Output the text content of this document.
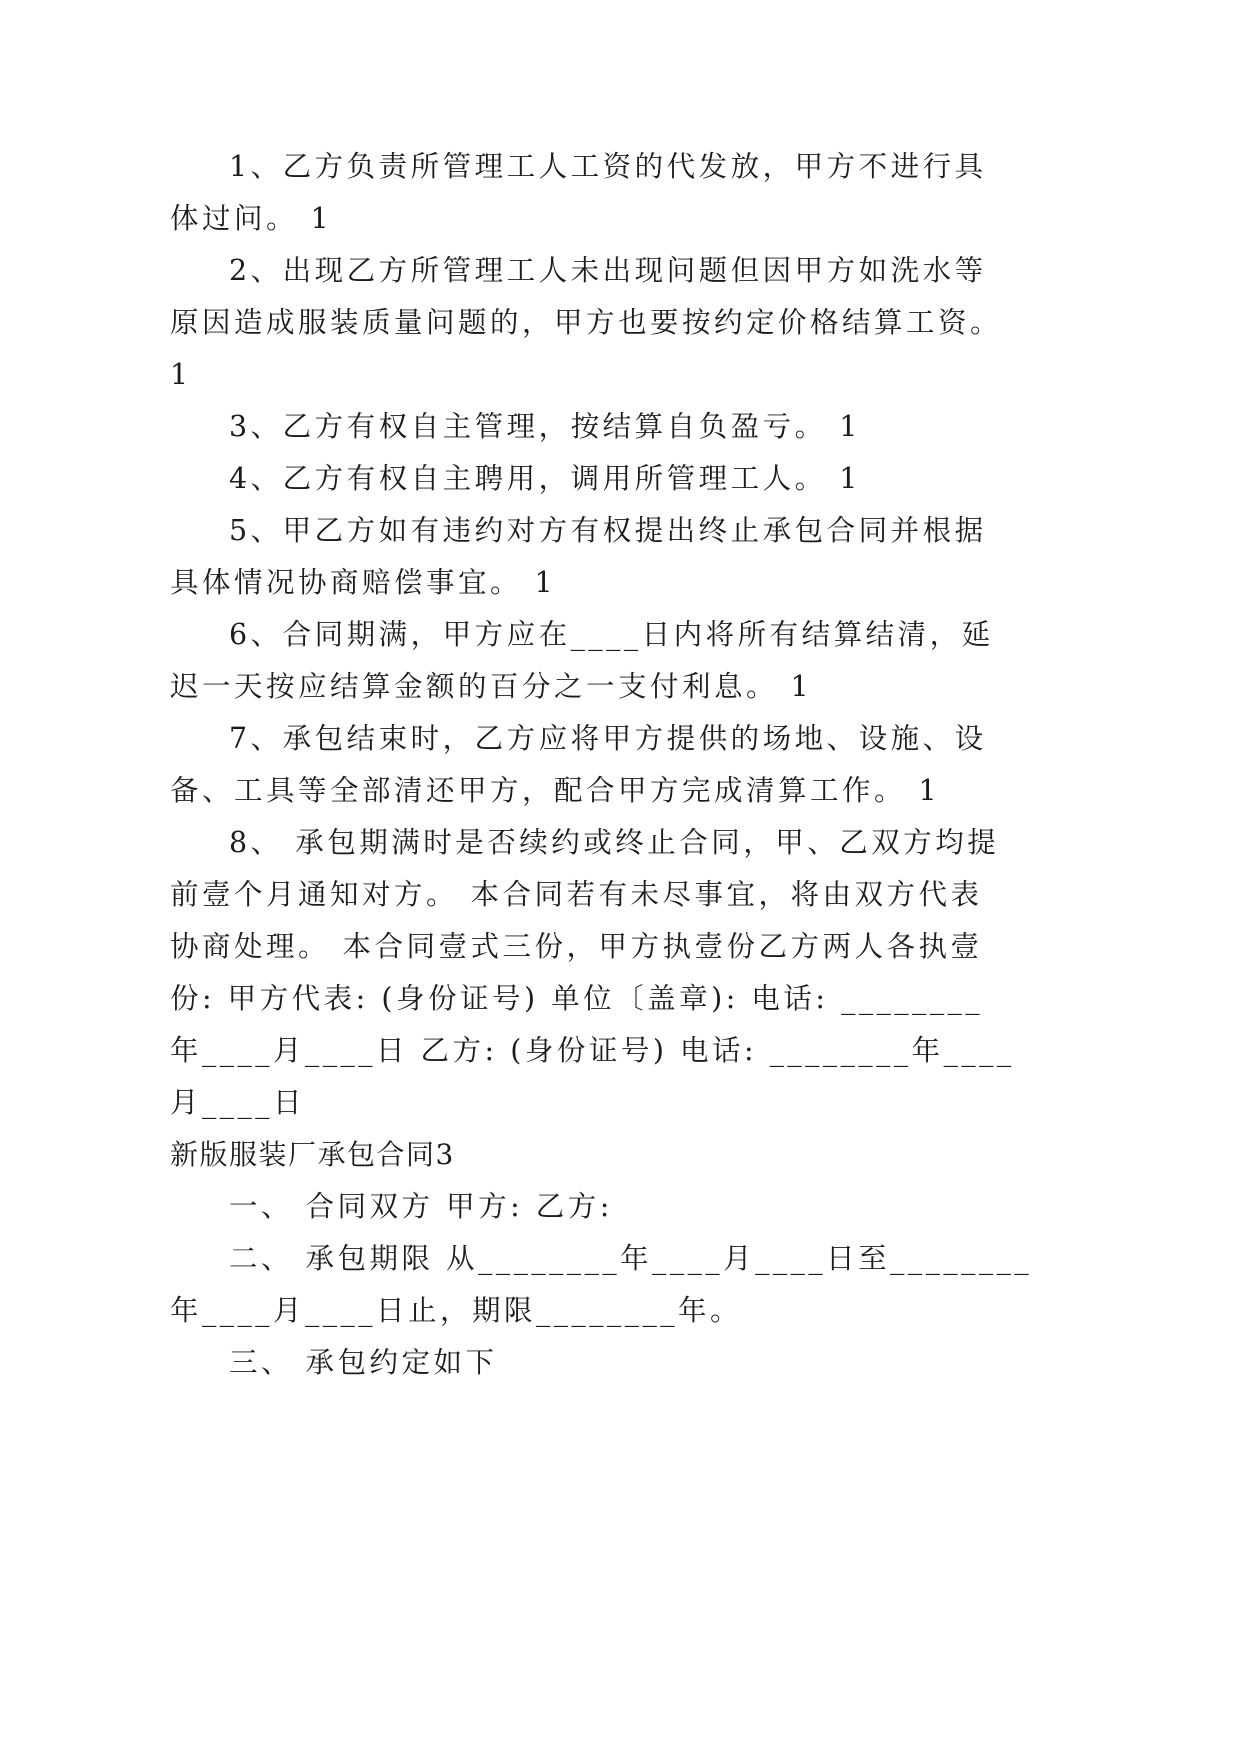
1、乙方负责所管理工人工资的代发放，甲方不进行具
体过问。 1
2、出现乙方所管理工人未出现问题但因甲方如洗水等
原因造成服装质量问题的，甲方也要按约定价格结算工资。
1
3、乙方有权自主管理，按结算自负盈亏。 1
4、乙方有权自主聘用，调用所管理工人。 1
5、甲乙方如有违约对方有权提出终止承包合同并根据
具体情况协商赔偿事宜。 1
6、合同期满，甲方应在____日内将所有结算结清，延
迟一天按应结算金额的百分之一支付利息。 1
7、承包结束时，乙方应将甲方提供的场地、设施、设
备、工具等全部清还甲方，配合甲方完成清算工作。 1
8、 承包期满时是否续约或终止合同，甲、乙双方均提
前壹个月通知对方。 本合同若有未尽事宜，将由双方代表
协商处理。 本合同壹式三份，甲方执壹份乙方两人各执壹
份: 甲方代表: (身份证号) 单位〔盖章): 电话: ________
年____月____日 乙方: (身份证号) 电话: ________年____
月____日
新版服装厂承包合同3
一、 合同双方 甲方: 乙方:
二、 承包期限 从________年____月____日至________
年____月____日止，期限________年。
三、 承包约定如下
